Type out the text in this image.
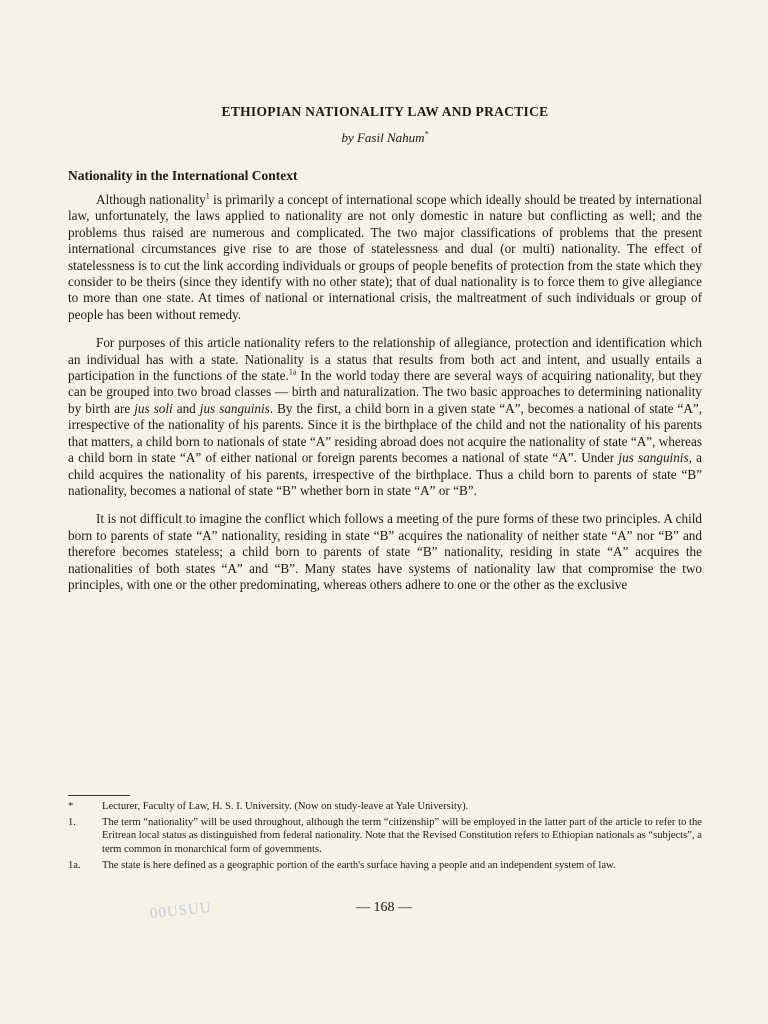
ETHIOPIAN NATIONALITY LAW AND PRACTICE
by Fasil Nahum*
Nationality in the International Context

Although nationality$^1$ is primarily a concept of international scope which ideally should be treated by international law, unfortunately, the laws applied to nationality are not only domestic in nature but conflicting as well; and the problems thus raised are numerous and complicated. The two major classifications of problems that the present international circumstances give rise to are those of statelessness and dual (or multi) nationality. The effect of statelessness is to cut the link according individuals or groups of people benefits of protection from the state which they consider to be theirs (since they identify with no other state); that of dual nationality is to force them to give allegiance to more than one state. At times of national or international crisis, the maltreatment of such individuals or group of people has been without remedy.

For purposes of this article nationality refers to the relationship of allegiance, protection and identification which an individual has with a state. Nationality is a status that results from both act and intent, and usually entails a participation in the functions of the state.$^{1a}$ In the world today there are several ways of acquiring nationality, but they can be grouped into two broad classes — birth and naturalization. The two basic approaches to determining nationality by birth are jus soli and jus sanguinis. By the first, a child born in a given state “A”, becomes a national of state “A”, irrespective of the nationality of his parents. Since it is the birthplace of the child and not the nationality of his parents that matters, a child born to nationals of state “A” residing abroad does not acquire the nationality of state “A”, whereas a child born in state “A” of either national or foreign parents becomes a national of state “A”. Under jus sanguinis, a child acquires the nationality of his parents, irrespective of the birthplace. Thus a child born to parents of state “B” nationality, becomes a national of state “B” whether born in state “A” or “B”.

It is not difficult to imagine the conflict which follows a meeting of the pure forms of these two principles. A child born to parents of state “A” nationality, residing in state “B” acquires the nationality of neither state “A” nor “B” and therefore becomes stateless; a child born to parents of state “B” nationality, residing in state “A” acquires the nationalities of both states “A” and “B”. Many states have systems of nationality law that compromise the two principles, with one or the other predominating, whereas others adhere to one or the other as the exclusive

*	Lecturer, Faculty of Law, H. S. I. University. (Now on study-leave at Yale University).
1.	The term “nationality” will be used throughout, although the term “citizenship” will be employed in the latter part of the article to refer to the Eritrean local status as distinguished from federal nationality. Note that the Revised Constitution refers to Ethiopian nationals as “subjects”, a term common in monarchical form of governments.
1a.	The state is here defined as a geographic portion of the earth's surface having a people and an independent system of law.
00USUU	— 168 —
